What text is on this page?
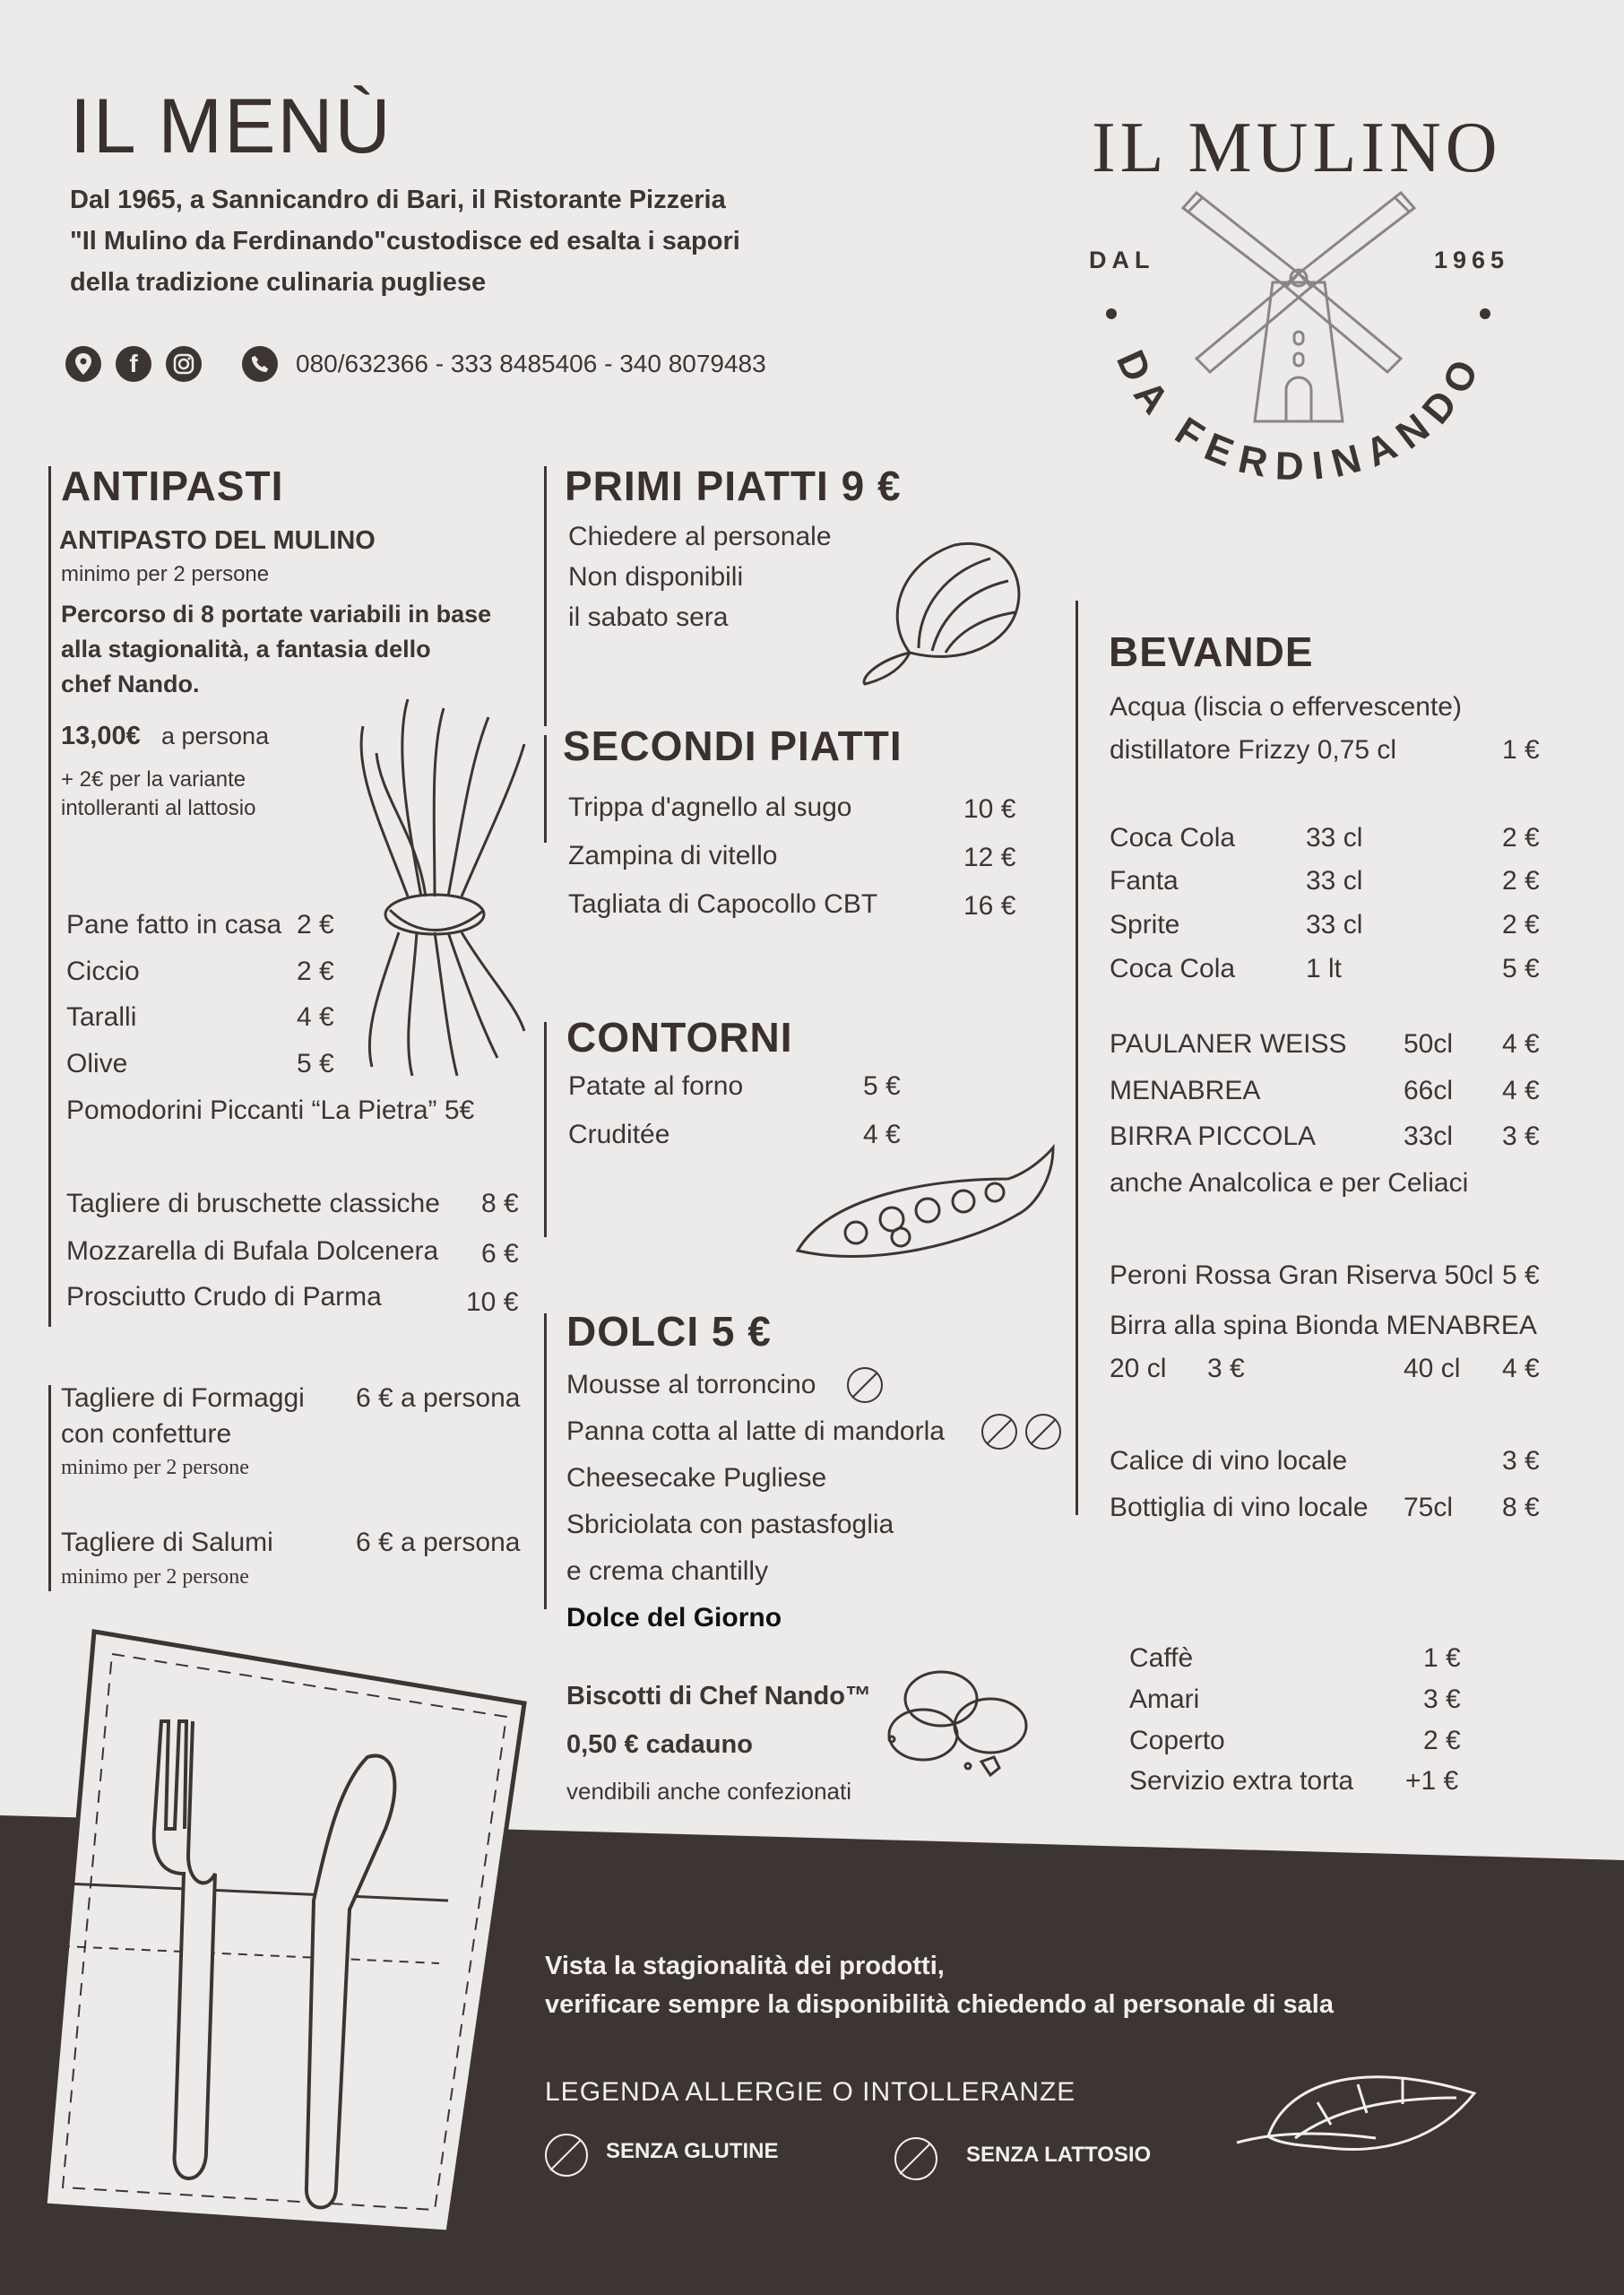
IL MENÙ
Dal 1965, a Sannicandro di Bari, il Ristorante Pizzeria
"Il Mulino da Ferdinando"custodisce ed esalta i sapori
della tradizione culinaria pugliese
f	080/632366 - 333 8485406 - 340 8079483
IL MULINO
DAL	1965
DA FERDINANDO
ANTIPASTI
ANTIPASTO DEL MULINO
minimo per 2 persone
Percorso di 8 portate variabili in base
alla stagionalità, a fantasia dello
chef Nando.
13,00€ a persona
+ 2€ per la variante
intolleranti al lattosio
Pane fatto in casa 2 €
Ciccio	2 €
Taralli	4 €
Olive	5 €
Pomodorini Piccanti “La Pietra” 5€
Tagliere di bruschette classiche 8 €
Mozzarella di Bufala Dolcenera 6 €
Prosciutto Crudo di Parma	10 €
Tagliere di Formaggi 6 € a persona
con confetture
minimo per 2 persone
Tagliere di Salumi	6 € a persona
minimo per 2 persone
PRIMI PIATTI 9 €
Chiedere al personale
Non disponibili
il sabato sera
SECONDI PIATTI
Trippa d'agnello al sugo	10 €
Zampina di vitello	12 €
Tagliata di Capocollo CBT	16 €
CONTORNI
Patate al forno	5 €
Cruditée	4 €
DOLCI 5 €
Mousse al torroncino
Panna cotta al latte di mandorla
Cheesecake Pugliese
Sbriciolata con pastasfoglia
e crema chantilly
Dolce del Giorno
Biscotti di Chef Nando™
0,50 € cadauno
vendibili anche confezionati
BEVANDE
Acqua (liscia o effervescente)
distillatore Frizzy 0,75 cl	1 €
Coca Cola	33 cl	2 €
Fanta	33 cl	2 €
Sprite	33 cl	2 €
Coca Cola	1 lt	5 €
PAULANER WEISS 50cl 4 €
MENABREA	66cl 4 €
BIRRA PICCOLA	33cl 3 €
anche Analcolica e per Celiaci
Peroni Rossa Gran Riserva 50cl 5 €
Birra alla spina Bionda MENABREA
20 cl 3 €	40 cl 4 €
Calice di vino locale	3 €
Bottiglia di vino locale 75cl 8 €
Caffè	1 €
Amari	3 €
Coperto	2 €
Servizio extra torta +1 €
Vista la stagionalità dei prodotti,
verificare sempre la disponibilità chiedendo al personale di sala
LEGENDA ALLERGIE O INTOLLERANZE
SENZA GLUTINE	SENZA LATTOSIO
